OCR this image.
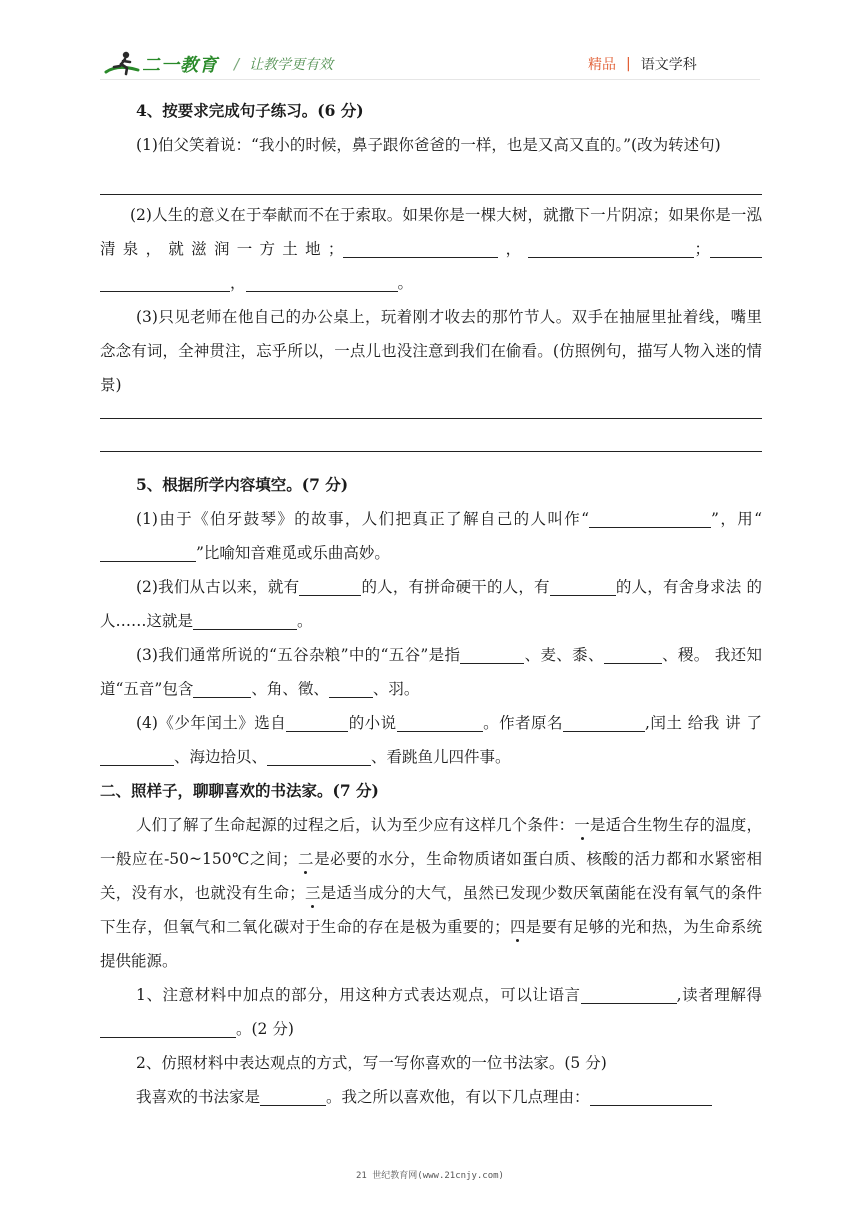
二一教育 / 让教学更有效	精品 | 语文学科
4、按要求完成句子练习。(6 分)
(1)伯父笑着说：“我小的时候，鼻子跟你爸爸的一样，也是又高又直的。”(改为转述句)
(2)人生的意义在于奉献而不在于索取。如果你是一棵大树，就撒下一片阴凉；如果你是一泓清泉，就滋润一方土地；	，	；，	。
(3)只见老师在他自己的办公桌上，玩着刚才收去的那竹节人。双手在抽屉里扯着线，嘴里念念有词，全神贯注，忘乎所以，一点儿也没注意到我们在偷看。(仿照例句，描写人物入迷的情景)
5、根据所学内容填空。(7 分)
(1)由于《伯牙鼓琴》的故事，人们把真正了解自己的人叫作“	”，用“”比喻知音难觅或乐曲高妙。
(2)我们从古以来，就有	的人，有拼命硬干的人，有	的人，有舍身求法 的人……这就是	。
(3)我们通常所说的“五谷杂粮”中的“五谷”是指	、麦、黍、	、稷。 我还知道“五音”包含	、角、徵、	、羽。
(4)《少年闰土》选自	的小说	。作者原名	,闰土 给我 讲 了、海边拾贝、	、看跳鱼儿四件事。
二、照样子，聊聊喜欢的书法家。(7 分)
人们了解了生命起源的过程之后，认为至少应有这样几个条件：一是适合生物生存的温度，一般应在-50~150℃之间；二是必要的水分，生命物质诸如蛋白质、核酸的活力都和水紧密相关，没有水，也就没有生命；三是适当成分的大气，虽然已发现少数厌氧菌能在没有氧气的条件下生存，但氧气和二氧化碳对于生命的存在是极为重要的；四是要有足够的光和热，为生命系统提供能源。
1、注意材料中加点的部分，用这种方式表达观点，可以让语言	,读者理解得。(2 分)
2、仿照材料中表达观点的方式，写一写你喜欢的一位书法家。(5 分)
我喜欢的书法家是	。我之所以喜欢他，有以下几点理由：
21 世纪教育网(www.21cnjy.com)
